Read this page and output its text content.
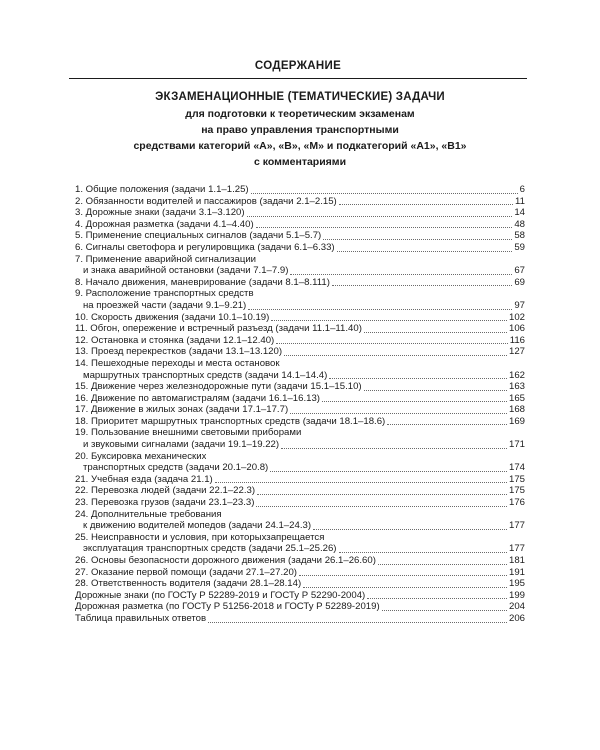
СОДЕРЖАНИЕ
ЭКЗАМЕНАЦИОННЫЕ (ТЕМАТИЧЕСКИЕ) ЗАДАЧИ
для подготовки к теоретическим экзаменам
на право управления транспортными
средствами категорий «А», «В», «М» и подкатегорий «А1», «В1»
с комментариями
1. Общие положения (задачи 1.1–1.25)	6
2. Обязанности водителей и пассажиров (задачи 2.1–2.15)	11
3. Дорожные знаки (задачи 3.1–3.120)	14
4. Дорожная разметка (задачи 4.1–4.40)	48
5. Применение специальных сигналов (задачи 5.1–5.7)	58
6. Сигналы светофора и регулировщика (задачи 6.1–6.33)	59
7. Применение аварийной сигнализации
и знака аварийной остановки (задачи 7.1–7.9)	67
8. Начало движения, маневрирование (задачи 8.1–8.111)	69
9. Расположение транспортных средств
на проезжей части (задачи 9.1–9.21)	97
10. Скорость движения (задачи 10.1–10.19)	102
11. Обгон, опережение и встречный разъезд (задачи 11.1–11.40)	106
12. Остановка и стоянка (задачи 12.1–12.40)	116
13. Проезд перекрестков (задачи 13.1–13.120)	127
14. Пешеходные переходы и места остановок
маршрутных транспортных средств (задачи 14.1–14.4)	162
15. Движение через железнодорожные пути (задачи 15.1–15.10)	163
16. Движение по автомагистралям (задачи 16.1–16.13)	165
17. Движение в жилых зонах (задачи 17.1–17.7)	168
18. Приоритет маршрутных транспортных средств (задачи 18.1–18.6)	169
19. Пользование внешними световыми приборами
и звуковыми сигналами (задачи 19.1–19.22)	171
20. Буксировка механических
транспортных средств (задачи 20.1–20.8)	174
21. Учебная езда (задача 21.1)	175
22. Перевозка людей (задачи 22.1–22.3)	175
23. Перевозка грузов (задачи 23.1–23.3)	176
24. Дополнительные требования
к движению водителей мопедов (задачи 24.1–24.3)	177
25. Неисправности и условия, при которыхзапрещается
эксплуатация транспортных средств (задачи 25.1–25.26)	177
26. Основы безопасности дорожного движения (задачи 26.1–26.60)	181
27. Оказание первой помощи (задачи 27.1–27.20)	191
28. Ответственность водителя (задачи 28.1–28.14)	195
Дорожные знаки (по ГОСТу Р 52289-2019 и ГОСТу Р 52290-2004)	199
Дорожная разметка (по ГОСТу Р 51256-2018 и ГОСТу Р 52289-2019)	204
Таблица правильных ответов	206
